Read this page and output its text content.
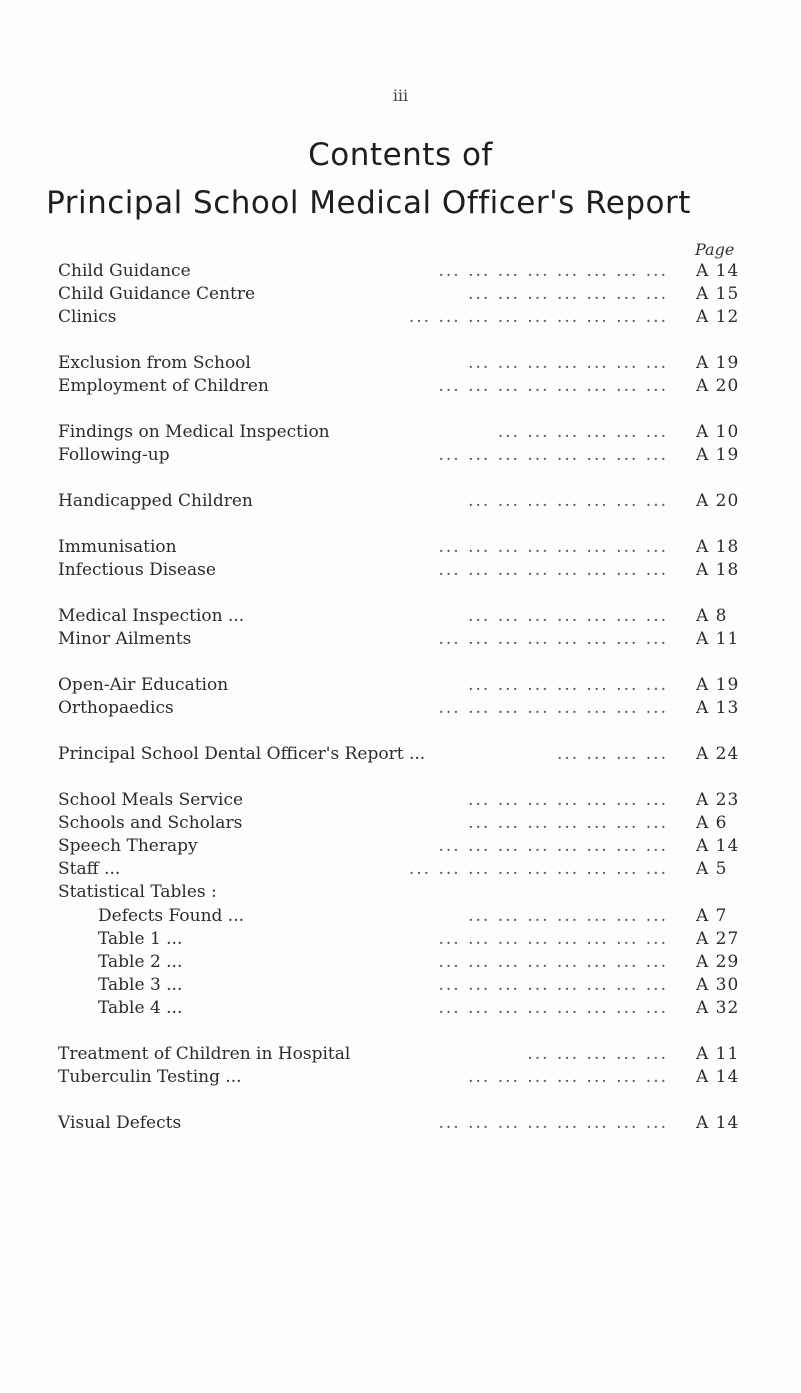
iii
Contents of
Principal School Medical Officer's Report
Page
Child Guidance	... ... ... ... ... ... ... ... A 14
Child Guidance Centre	... ... ... ... ... ... ... A 15
Clinics	... ... ... ... ... ... ... ... ... A 12
Exclusion from School	... ... ... ... ... ... ... A 19
Employment of Children	... ... ... ... ... ... ... ... A 20
Findings on Medical Inspection	... ... ... ... ... ... A 10
Following-up	... ... ... ... ... ... ... ... A 19
Handicapped Children	... ... ... ... ... ... ... A 20
Immunisation	... ... ... ... ... ... ... ... A 18
Infectious Disease	... ... ... ... ... ... ... ... A 18
Medical Inspection ...	... ... ... ... ... ... ... A 8
Minor Ailments	... ... ... ... ... ... ... ... A 11
Open-Air Education	... ... ... ... ... ... ... A 19
Orthopaedics	... ... ... ... ... ... ... ... A 13
Principal School Dental Officer's Report ...	... ... ... ... A 24
School Meals Service	... ... ... ... ... ... ... A 23
Schools and Scholars	... ... ... ... ... ... ... A 6
Speech Therapy	... ... ... ... ... ... ... ... A 14
Staff ...	... ... ... ... ... ... ... ... ... A 5
Statistical Tables :
Defects Found ...	... ... ... ... ... ... ... A 7
Table 1 ...	... ... ... ... ... ... ... ... A 27
Table 2 ...	... ... ... ... ... ... ... ... A 29
Table 3 ...	... ... ... ... ... ... ... ... A 30
Table 4 ...	... ... ... ... ... ... ... ... A 32
Treatment of Children in Hospital	... ... ... ... ... A 11
Tuberculin Testing ...	... ... ... ... ... ... ... A 14
Visual Defects	... ... ... ... ... ... ... ... A 14
